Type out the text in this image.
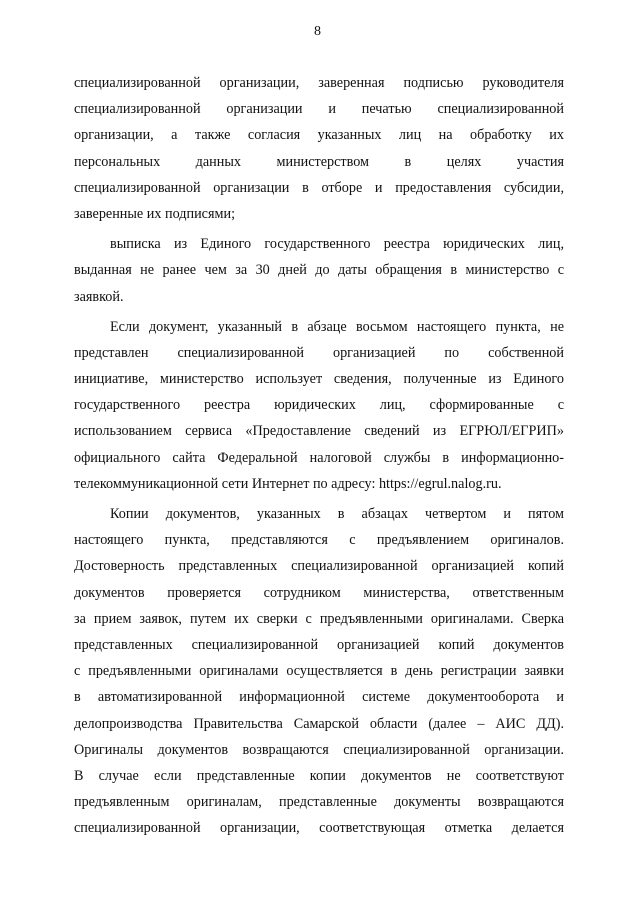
8
специализированной организации, заверенная подписью руководителя
специализированной организации и печатью специализированной
организации, а также согласия указанных лиц на обработку их
персональных данных министерством в целях участия
специализированной организации в отборе и предоставления субсидии,
заверенные их подписями;
выписка из Единого государственного реестра юридических лиц,
выданная не ранее чем за 30 дней до даты обращения в министерство с
заявкой.
Если документ, указанный в абзаце восьмом настоящего пункта, не
представлен специализированной организацией по собственной
инициативе, министерство использует сведения, полученные из Единого
государственного реестра юридических лиц, сформированные с
использованием сервиса «Предоставление сведений из ЕГРЮЛ/ЕГРИП»
официального сайта Федеральной налоговой службы в информационно-
телекоммуникационной сети Интернет по адресу: https://egrul.nalog.ru.
Копии документов, указанных в абзацах четвертом и пятом
настоящего пункта, представляются с предъявлением оригиналов.
Достоверность представленных специализированной организацией копий
документов проверяется сотрудником министерства, ответственным
за прием заявок, путем их сверки с предъявленными оригиналами. Сверка
представленных специализированной организацией копий документов
с предъявленными оригиналами осуществляется в день регистрации заявки
в автоматизированной информационной системе документооборота и
делопроизводства Правительства Самарской области (далее – АИС ДД).
Оригиналы документов возвращаются специализированной организации.
В случае если представленные копии документов не соответствуют
предъявленным оригиналам, представленные документы возвращаются
специализированной организации, соответствующая отметка делается
